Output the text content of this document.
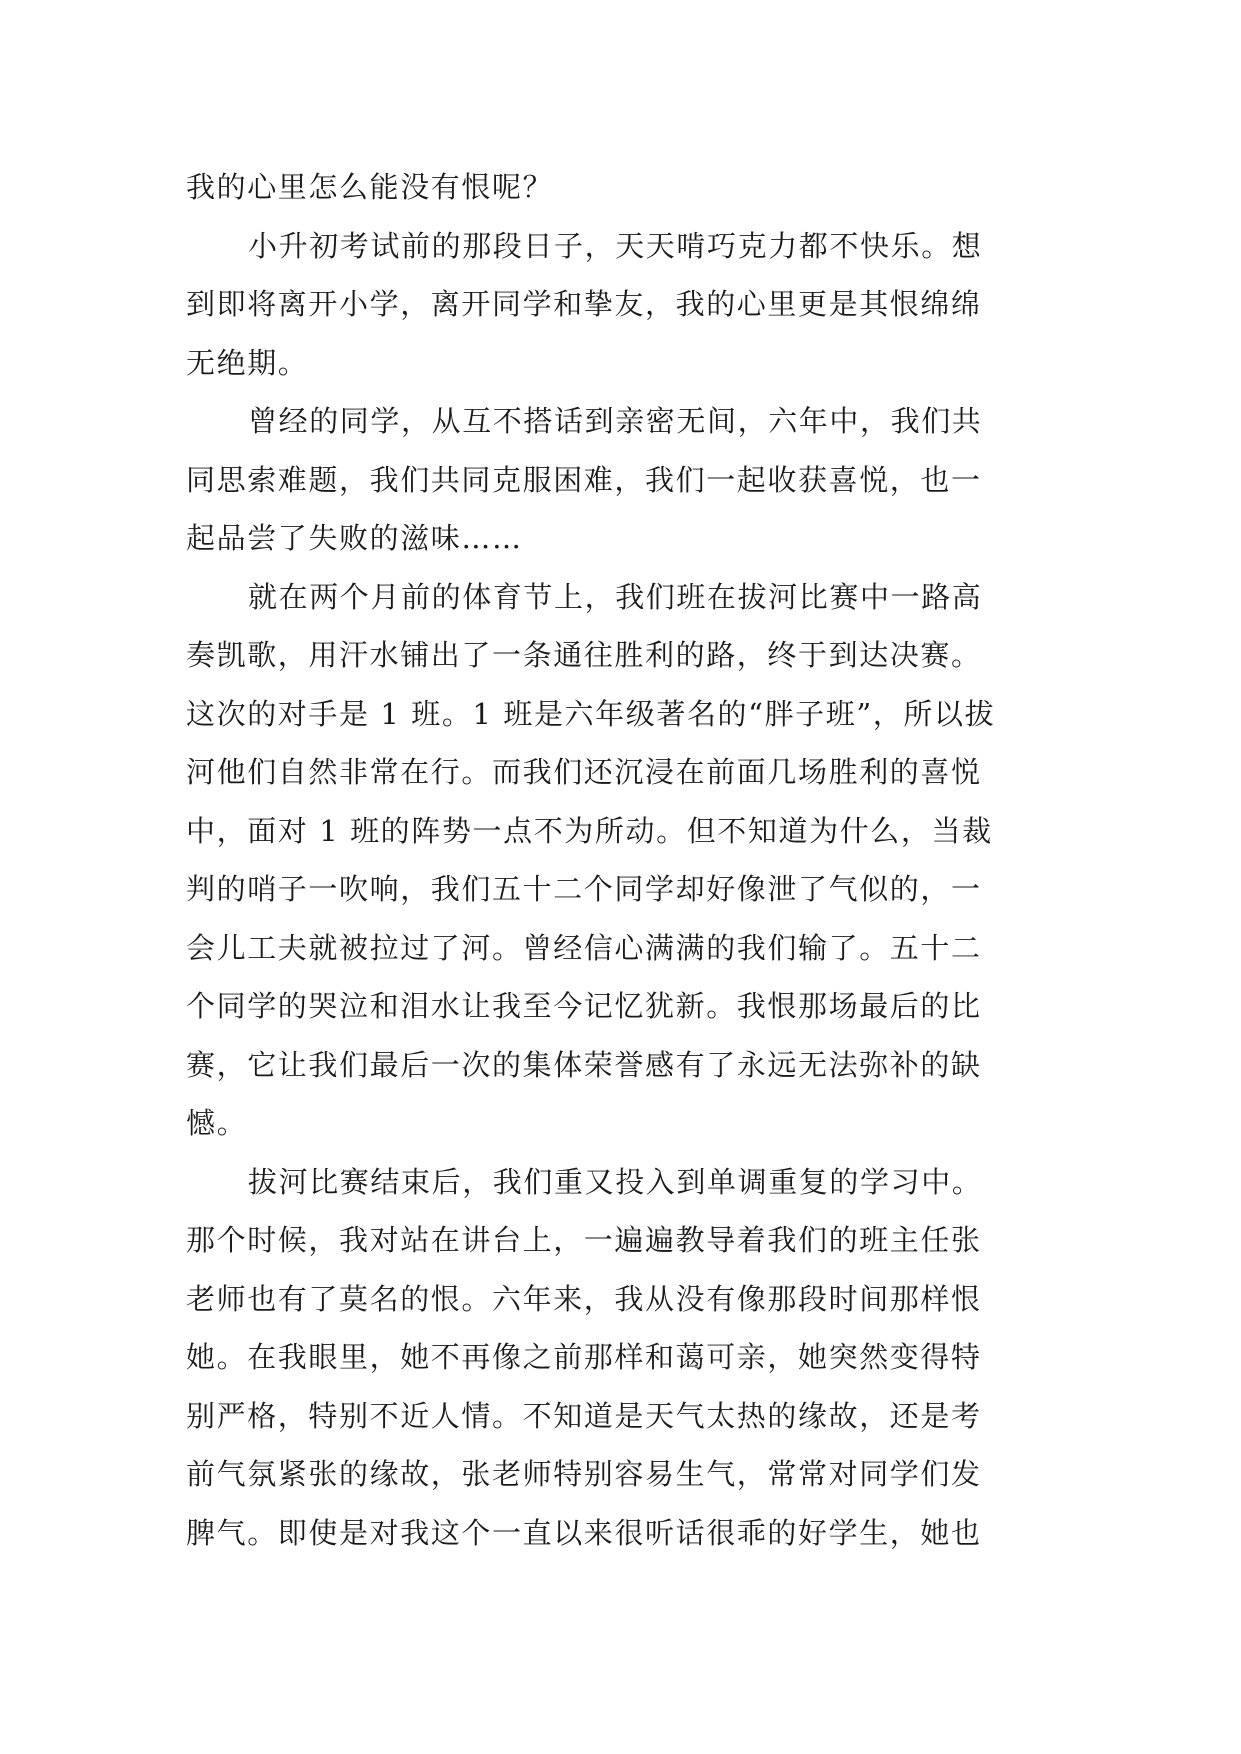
我的心里怎么能没有恨呢？
小升初考试前的那段日子，天天啃巧克力都不快乐。想
到即将离开小学，离开同学和挚友，我的心里更是其恨绵绵
无绝期。
曾经的同学，从互不搭话到亲密无间，六年中，我们共
同思索难题，我们共同克服困难，我们一起收获喜悦，也一
起品尝了失败的滋味……
就在两个月前的体育节上，我们班在拔河比赛中一路高
奏凯歌，用汗水铺出了一条通往胜利的路，终于到达决赛。
这次的对手是 1 班。1 班是六年级著名的“胖子班”，所以拔
河他们自然非常在行。而我们还沉浸在前面几场胜利的喜悦
中，面对 1 班的阵势一点不为所动。但不知道为什么，当裁
判的哨子一吹响，我们五十二个同学却好像泄了气似的，一
会儿工夫就被拉过了河。曾经信心满满的我们输了。五十二
个同学的哭泣和泪水让我至今记忆犹新。我恨那场最后的比
赛，它让我们最后一次的集体荣誉感有了永远无法弥补的缺
憾。
拔河比赛结束后，我们重又投入到单调重复的学习中。
那个时候，我对站在讲台上，一遍遍教导着我们的班主任张
老师也有了莫名的恨。六年来，我从没有像那段时间那样恨
她。在我眼里，她不再像之前那样和蔼可亲，她突然变得特
别严格，特别不近人情。不知道是天气太热的缘故，还是考
前气氛紧张的缘故，张老师特别容易生气，常常对同学们发
脾气。即使是对我这个一直以来很听话很乖的好学生，她也
